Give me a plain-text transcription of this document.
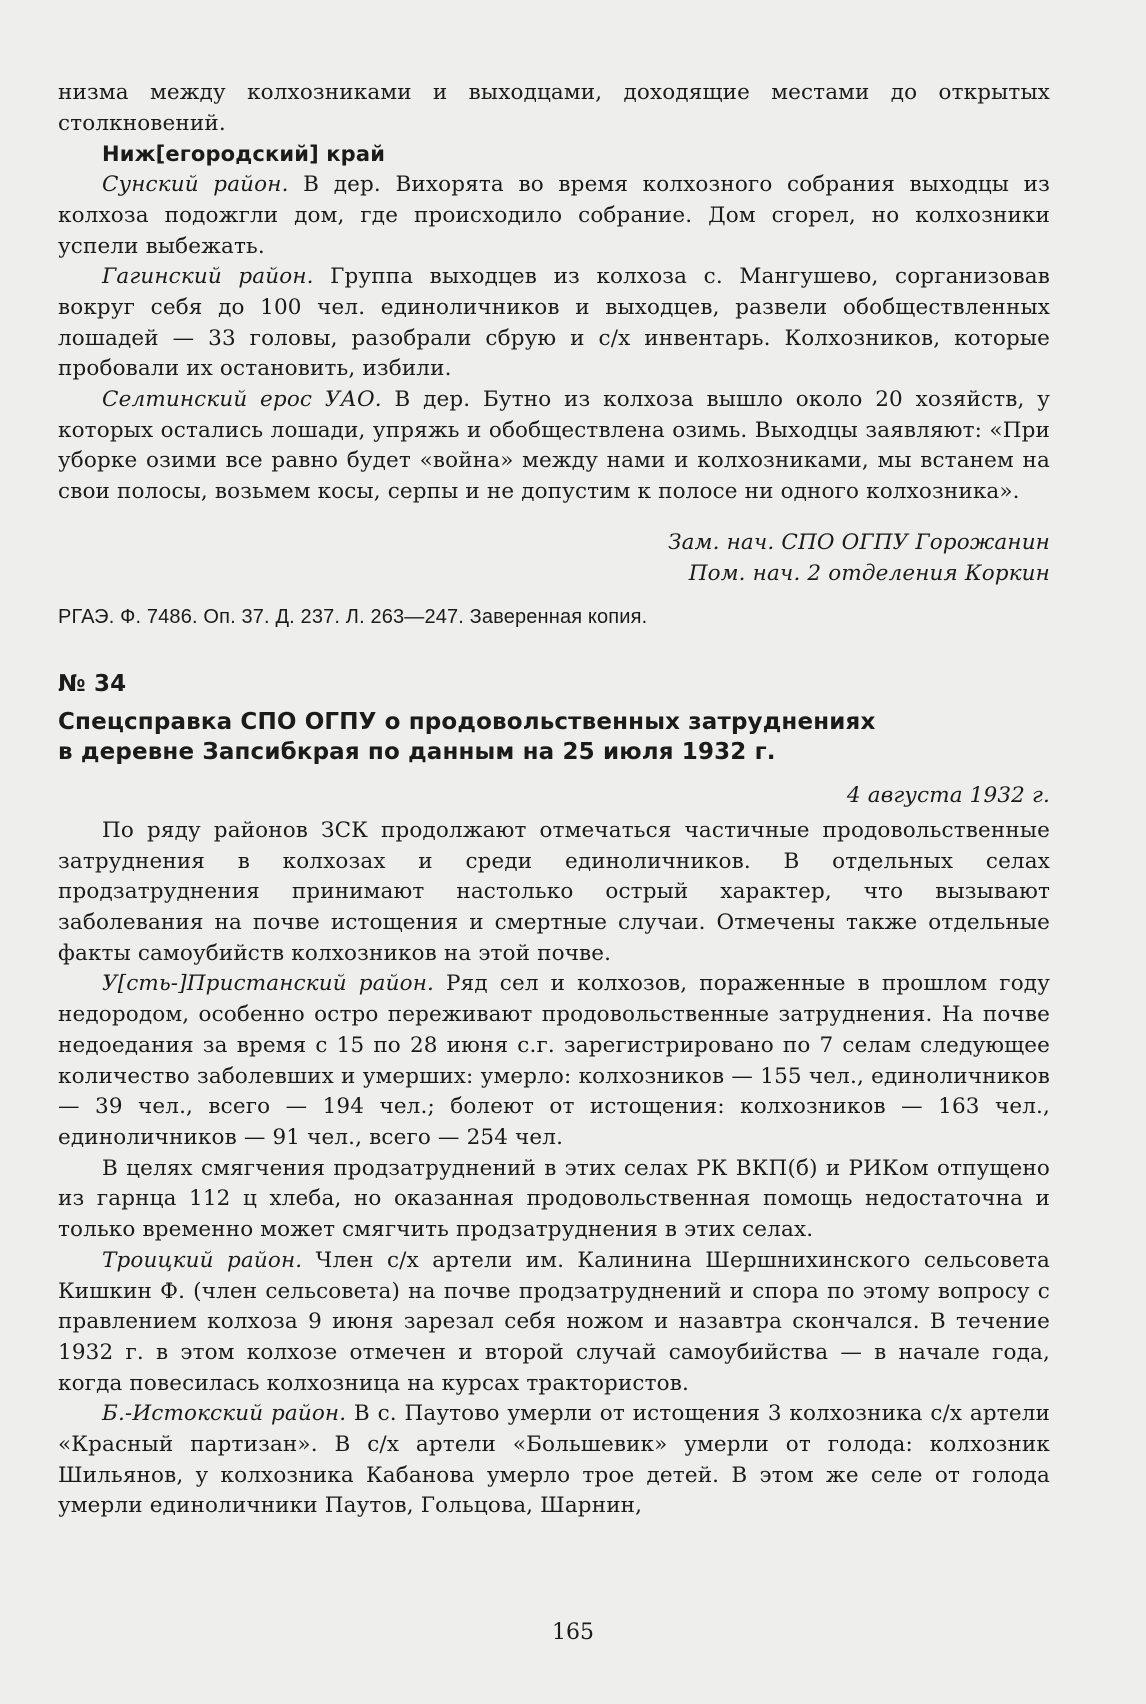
низма между колхозниками и выходцами, доходящие местами до открытых столкновений.

Ниж[егородский] край

Сунский район. В дер. Вихорята во время колхозного собрания выходцы из колхоза подожгли дом, где происходило собрание. Дом сгорел, но колхозники успели выбежать.

Гагинский район. Группа выходцев из колхоза с. Мангушево, сорганизовав вокруг себя до 100 чел. единоличников и выходцев, развели обобществленных лошадей — 33 головы, разобрали сбрую и с/х инвентарь. Колхозников, которые пробовали их остановить, избили.

Селтинский ерос УАО. В дер. Бутно из колхоза вышло около 20 хозяйств, у которых остались лошади, упряжь и обобществлена озимь. Выходцы заявляют: «При уборке озими все равно будет «война» между нами и колхозниками, мы встанем на свои полосы, возьмем косы, серпы и не допустим к полосе ни одного колхозника».

Зам. нач. СПО ОГПУ Горожанин

Пом. нач. 2 отделения Коркин

РГАЭ. Ф. 7486. Оп. 37. Д. 237. Л. 263—247. Заверенная копия.

№ 34
Спецсправка СПО ОГПУ о продовольственных затруднениях
в деревне Запсибкрая по данным на 25 июля 1932 г.

4 августа 1932 г.

По ряду районов ЗСК продолжают отмечаться частичные продовольственные затруднения в колхозах и среди единоличников. В отдельных селах продзатруднения принимают настолько острый характер, что вызывают заболевания на почве истощения и смертные случаи. Отмечены также отдельные факты самоубийств колхозников на этой почве.

У[сть-]Пристанский район. Ряд сел и колхозов, пораженные в прошлом году недородом, особенно остро переживают продовольственные затруднения. На почве недоедания за время с 15 по 28 июня с.г. зарегистрировано по 7 селам следующее количество заболевших и умерших: умерло: колхозников — 155 чел., единоличников — 39 чел., всего — 194 чел.; болеют от истощения: колхозников — 163 чел., единоличников — 91 чел., всего — 254 чел.

В целях смягчения продзатруднений в этих селах РК ВКП(б) и РИКом отпущено из гарнца 112 ц хлеба, но оказанная продовольственная помощь недостаточна и только временно может смягчить продзатруднения в этих селах.

Троицкий район. Член с/х артели им. Калинина Шершнихинского сельсовета Кишкин Ф. (член сельсовета) на почве продзатруднений и спора по этому вопросу с правлением колхоза 9 июня зарезал себя ножом и назавтра скончался. В течение 1932 г. в этом колхозе отмечен и второй случай самоубийства — в начале года, когда повесилась колхозница на курсах трактористов.

Б.-Истокский район. В с. Паутово умерли от истощения 3 колхозника с/х артели «Красный партизан». В с/х артели «Большевик» умерли от голода: колхозник Шильянов, у колхозника Кабанова умерло трое детей. В этом же селе от голода умерли единоличники Паутов, Гольцова, Шарнин,

165
